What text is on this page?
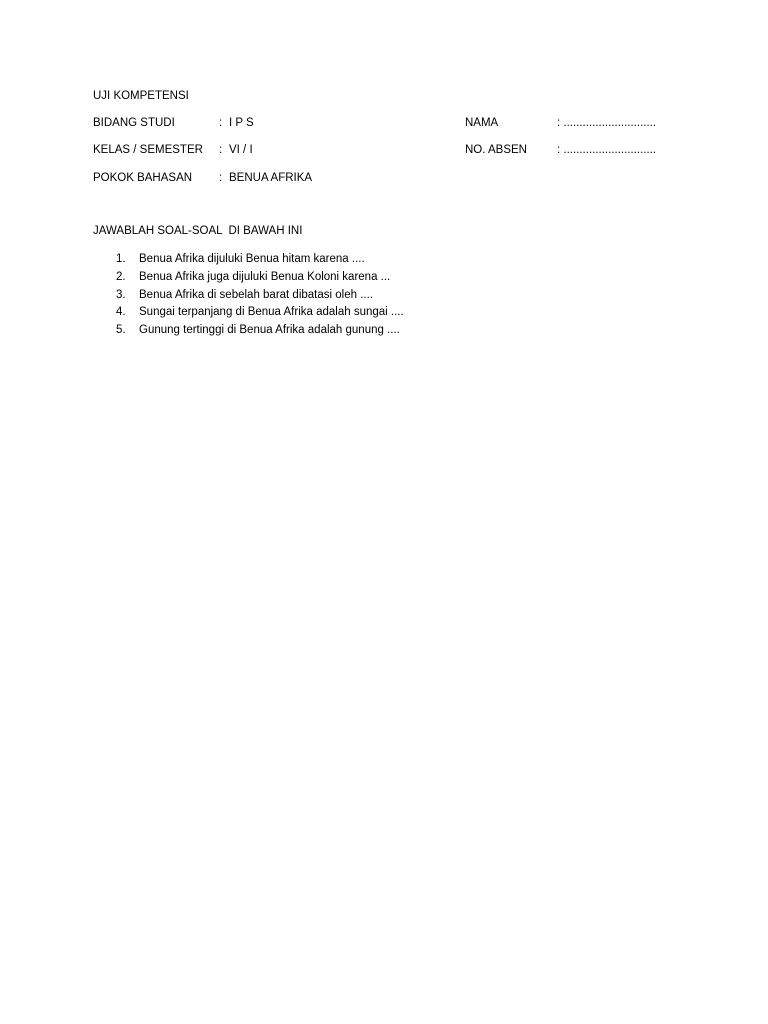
UJI KOMPETENSI
BIDANG STUDI	: I P S	NAMA	: .............................
KELAS / SEMESTER : VI / I	NO. ABSEN	: .............................
POKOK BAHASAN : BENUA AFRIKA
JAWABLAH SOAL-SOAL  DI BAWAH INI
1. Benua Afrika dijuluki Benua hitam karena ....
2. Benua Afrika juga dijuluki Benua Koloni karena ...
3. Benua Afrika di sebelah barat dibatasi oleh ....
4. Sungai terpanjang di Benua Afrika adalah sungai ....
5. Gunung tertinggi di Benua Afrika adalah gunung ....
